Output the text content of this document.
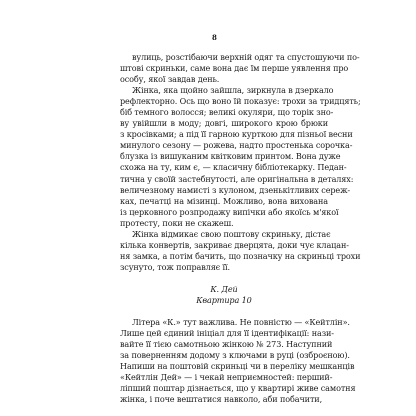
8
вулиць, розстібаючи верхній одяг та спустошуючи по-
штові скриньки, саме вона дає їм перше уявлення про
особу, якої завдав день.
Жінка, яка щойно зайшла, зиркнула в дзеркало
рефлекторно. Ось що воно їй показує: трохи за тридцять;
біб темного волосся; великі окуляри, що торік зно-
ву увійшли в моду; довгі, широкого крою брюки
з кросівками; а під її гарною курткою для пізньої весни
минулого сезону — рожева, надто простенька сорочка-
блузка із вишуканим квітковим принтом. Вона дуже
схожа на ту, ким є, — класичну бібліотекарку. Педан-
тична у своїй застебнутості, але оригінальна в деталях:
величезному намисті з кулоном, дзенькітливих сереж-
ках, печатці на мізинці. Можливо, вона вихована
із церковного розпродажу випічки або якоїсь м'якої
протесту, поки не скажеш.
Жінка відмикає свою поштову скриньку, дістає
кілька конвертів, закриває дверцята, доки чує клацан-
ня замка, а потім бачить, що позначку на скриньці трохи
зсунуто, тож поправляє її.
К. Дей
Квартира 10
Літера «К.» тут важлива. Не повністю — «Кейтлін».
Лише цей єдиний ініціал для її ідентифікації: нази-
вайте її тією самотньою жінкою № 273. Наступний
за поверненням додому з ключами в руці (озброєною).
Напиши на поштовій скриньці чи в переліку мешканців
«Кейтлін Дей» — і чекай неприємностей: перший-
ліпший поштар дізнається, що у квартирі живе самотня
жінка, і поче вештатися навколо, аби побачити,
